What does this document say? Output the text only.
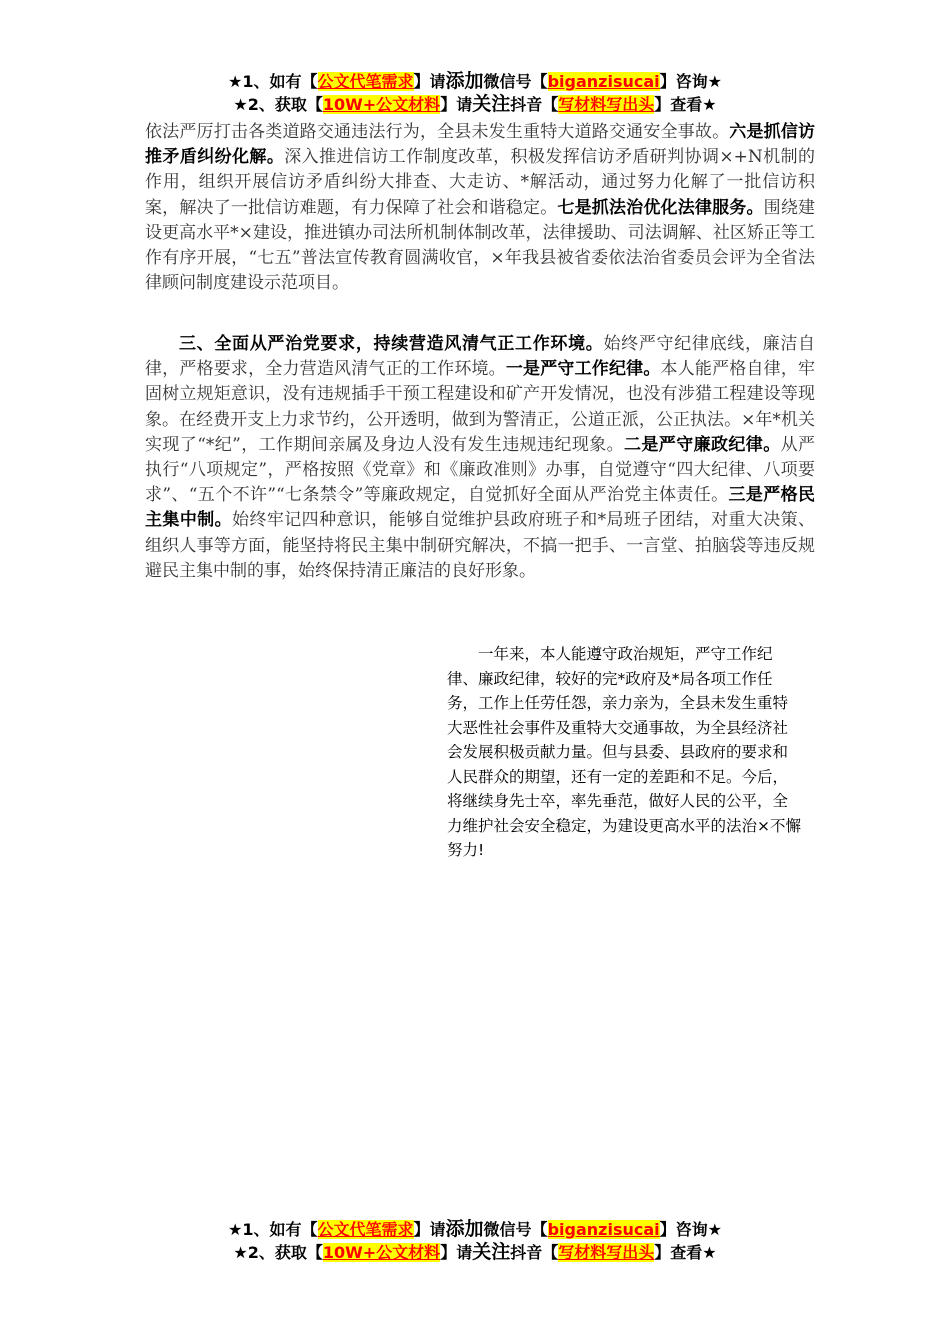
★1、如有【公文代笔需求】请添加微信号【biganzisucai】咨询★
★2、获取【10W+公文材料】请关注抖音【写材料写出头】查看★

依法严厉打击各类道路交通违法行为，全县未发生重特大道路交通安全事故。六是抓信访推矛盾纠纷化解。深入推进信访工作制度改革，积极发挥信访矛盾研判协调×+N机制的作用，组织开展信访矛盾纠纷大排查、大走访、*解活动，通过努力化解了一批信访积案，解决了一批信访难题，有力保障了社会和谐稳定。七是抓法治优化法律服务。围绕建设更高水平*×建设，推进镇办司法所机制体制改革，法律援助、司法调解、社区矫正等工作有序开展，“七五”普法宣传教育圆满收官，×年我县被省委依法治省委员会评为全省法律顾问制度建设示范项目。

三、全面从严治党要求，持续营造风清气正工作环境。始终严守纪律底线，廉洁自律，严格要求，全力营造风清气正的工作环境。一是严守工作纪律。本人能严格自律，牢固树立规矩意识，没有违规插手干预工程建设和矿产开发情况，也没有涉猎工程建设等现象。在经费开支上力求节约，公开透明，做到为警清正，公道正派，公正执法。×年*机关实现了“*纪”，工作期间亲属及身边人没有发生违规违纪现象。二是严守廉政纪律。从严执行“八项规定”，严格按照《党章》和《廉政准则》办事，自觉遵守“四大纪律、八项要求”、“五个不许”“七条禁令”等廉政规定，自觉抓好全面从严治党主体责任。三是严格民主集中制。始终牢记四种意识，能够自觉维护县政府班子和*局班子团结，对重大决策、组织人事等方面，能坚持将民主集中制研究解决，不搞一把手、一言堂、拍脑袋等违反规避民主集中制的事，始终保持清正廉洁的良好形象。

一年来，本人能遵守政治规矩，严守工作纪律、廉政纪律，较好的完*政府及*局各项工作任务，工作上任劳任怨，亲力亲为，全县未发生重特大恶性社会事件及重特大交通事故，为全县经济社会发展积极贡献力量。但与县委、县政府的要求和人民群众的期望，还有一定的差距和不足。今后，将继续身先士卒，率先垂范，做好人民的公平，全力维护社会安全稳定，为建设更高水平的法治×不懈努力!
★1、如有【公文代笔需求】请添加微信号【biganzisucai】咨询★
★2、获取【10W+公文材料】请关注抖音【写材料写出头】查看★
